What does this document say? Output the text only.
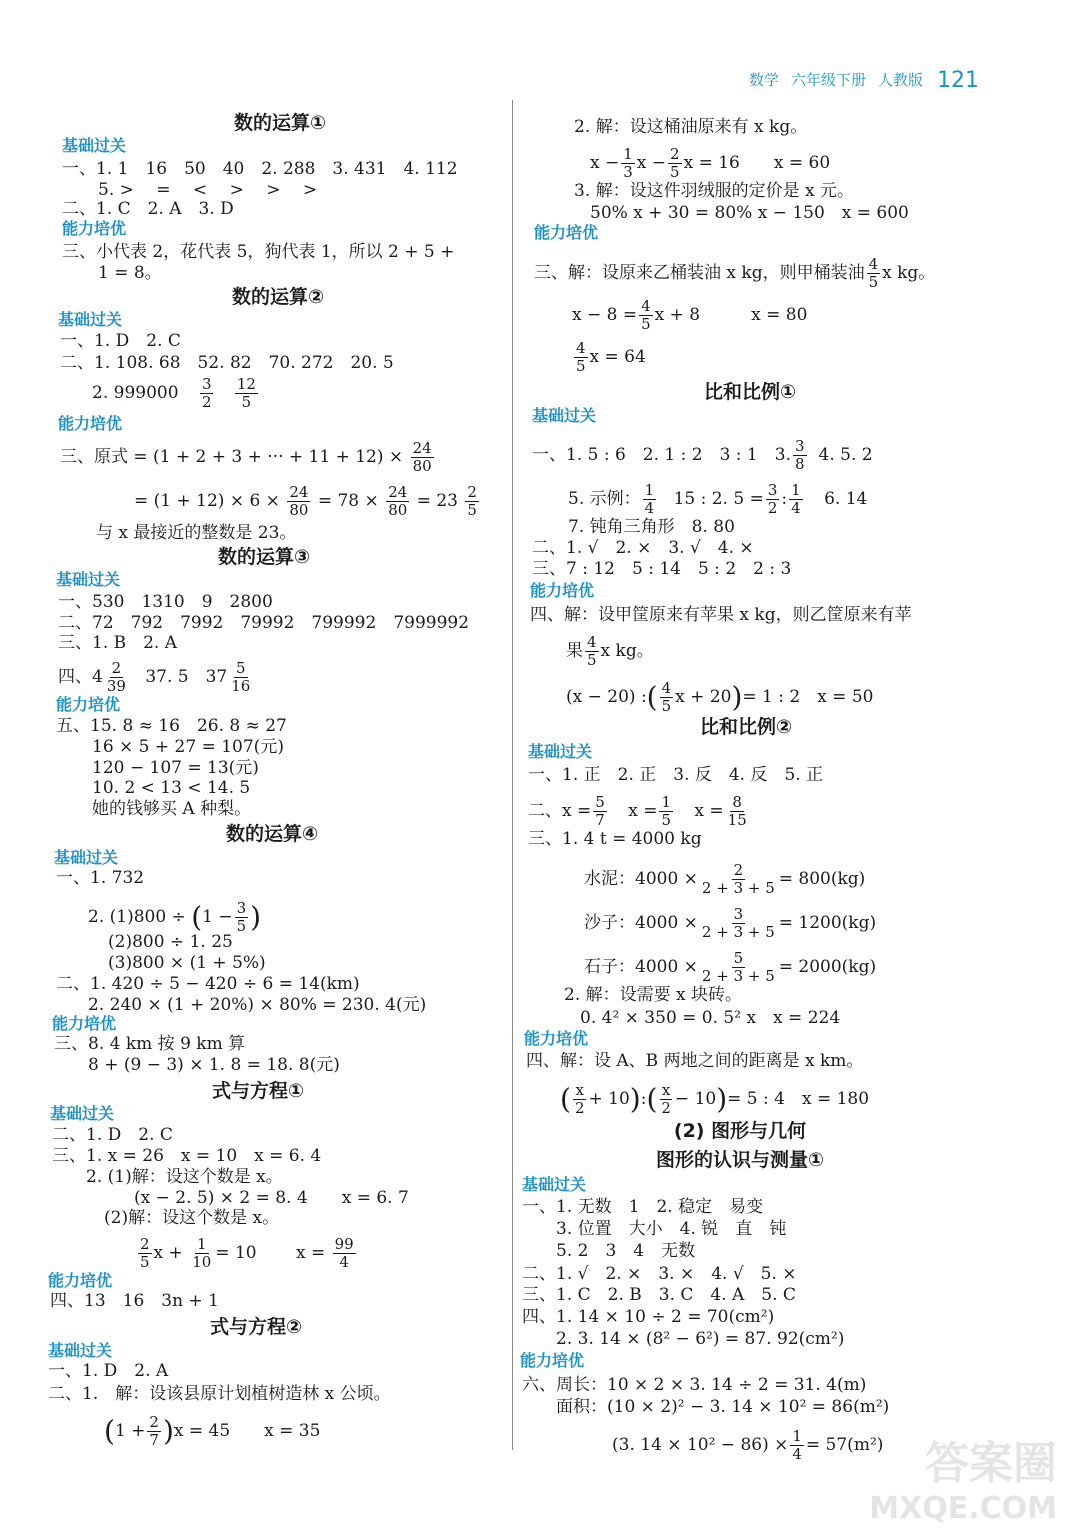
数学 六年级下册 人教版 121
数的运算①
基础过关
一、1. 1　16　50　40　2. 288　3. 431　4. 112
5. >　 =　 <　 >　 >　 >
二、1. C　2. A　3. D
能力培优
三、小代表 2，花代表 5，狗代表 1，所以 2 + 5 +
1 = 8。
数的运算②
基础过关
一、1. D　2. C
二、1. 108. 68　52. 82　70. 272　20. 5
2. $999000 \frac{3}{2}$
$\frac{12}{5}$
能力培优
三、原式 = (1 + 2 + 3 + ··· + $11 + 12) \times \frac{24}{80}$
= $(1 + 12) \times 6 \times \frac{24}{80} = 78 \times \frac{24}{80} = 23 \frac{2}{5}$
与 x 最接近的整数是 23。
数的运算③
基础过关
一、530　1310　9　2800
二、72　792　7992　79992　799992　7999992
三、1. B　2. A
四、$4 \frac{2}{39} 37$. 5　$37 \frac{5}{16}$
能力培优
五、15. 8 ≈ 16　26. 8 ≈ 27
16 × 5 + 27 = 107(元)
120 − 107 = 13(元)
10. 2 < 13 < 14. 5
她的钱够买 A 种梨。
数的运算④
基础过关
一、1. 732
2. $(1)800 \div (1 - \frac{3}{5}$ )
(2)800 ÷ 1. 25
(3)800 × (1 + 5%)
二、1. 420 ÷ 5 − 420 ÷ 6 = 14(km)
2. 240 × (1 + 20%) × 80% = 230. 4(元)
能力培优
三、8. 4 km 按 9 km 算
8 + (9 − 3) × 1. 8 = 18. 8(元)
式与方程①
基础过关
二、1. D　2. C
三、1. x = 26　x = 10　x = 6. 4
2. (1)解：设这个数是 x。
(x − 2. 5) × 2 = 8. 4　　x = 6. 7
(2)解：设这个数是 x。
$\frac{2}{5}$ $x + \frac{1}{10} = 10$ $x = \frac{99}{4}$
能力培优
四、13　16　3n + 1
式与方程②
基础过关
一、1. D　2. A
二、1.　解：设该县原计划植树造林 x 公顷。
$(1 + \frac{2}{7} )x = 45$　　x = 35
2. 解：设这桶油原来有 x kg。
$x - \frac{1}{3}$ $x - \frac{2}{5}$ x = 16　　x = 60
3. 解：设这件羽绒服的定价是 x 元。
50% x + 30 = 80% x − 150　x = 600
能力培优
三、解：设原来乙桶装油 x kg，则甲桶装油 $\frac{4}{5}$ x kg。
$x - 8 = \frac{4}{5}$ x + 8　　　x = 80
$\frac{4}{5}$ x = 64
比和比例①
基础过关
一、1. 5 : 6　2. 1 : 2　3 : 1　3. $\frac{3}{8} 4$. 5. 2
5. 示例： $\frac{1}{4} 15$ : 2. $5 = \frac{3}{2}$ : $\frac{1}{4} 6$. 14
7. 钝角三角形　8. 80
二、1. √　2. ×　3. √　4. ×
三、7 : 12　5 : 14　5 : 2　2 : 3
能力培优
四、解：设甲筐原来有苹果 x kg，则乙筐原来有苹
果 $\frac{4}{5}$ x kg。
(x − 20) :( $\frac{4}{5}$ x + 20)= 1 : 2　x = 50
比和比例②
基础过关
一、1. 正　2. 正　3. 反　4. 反　5. 正
二、$x = \frac{5}{7}$ $x = \frac{1}{5}$ $x = \frac{8}{15}$
三、1. 4 t = 4000 kg
水泥：$4000 \times \frac{2}{2 + 3 + 5} = 800(kg)$
沙子：$4000 \times \frac{3}{2 + 3 + 5} = 1200(kg)$
石子：$4000 \times \frac{5}{2 + 3 + 5} = 2000(kg)$
2. 解：设需要 x 块砖。
0. 4² × 350 = 0. 5² x　x = 224
能力培优
四、解：设 A、B 两地之间的距离是 x km。
( $\frac{x}{2}$ + 10):( $\frac{x}{2} - 10)= 5$ : 4　x = 180
(2) 图形与几何
图形的认识与测量①
基础过关
一、1. 无数　1　2. 稳定　易变
3. 位置　大小　4. 锐　直　钝
5. 2　3　4　无数
二、1. √　2. ×　3. ×　4. √　5. ×
三、1. C　2. B　3. C　4. A　5. C
四、1. 14 × 10 ÷ 2 = 70(cm²)
2. 3. 14 × (8² − 6²) = 87. 92(cm²)
能力培优
六、周长：10 × 2 × 3. 14 ÷ 2 = 31. 4(m)
面积：(10 × 2)² − 3. 14 × 10² = 86(m²)
(3. $14 \times 10^2 - 86) \times \frac{1}{4} = 57(m^2)$ 答案圈
MXQE.COM
